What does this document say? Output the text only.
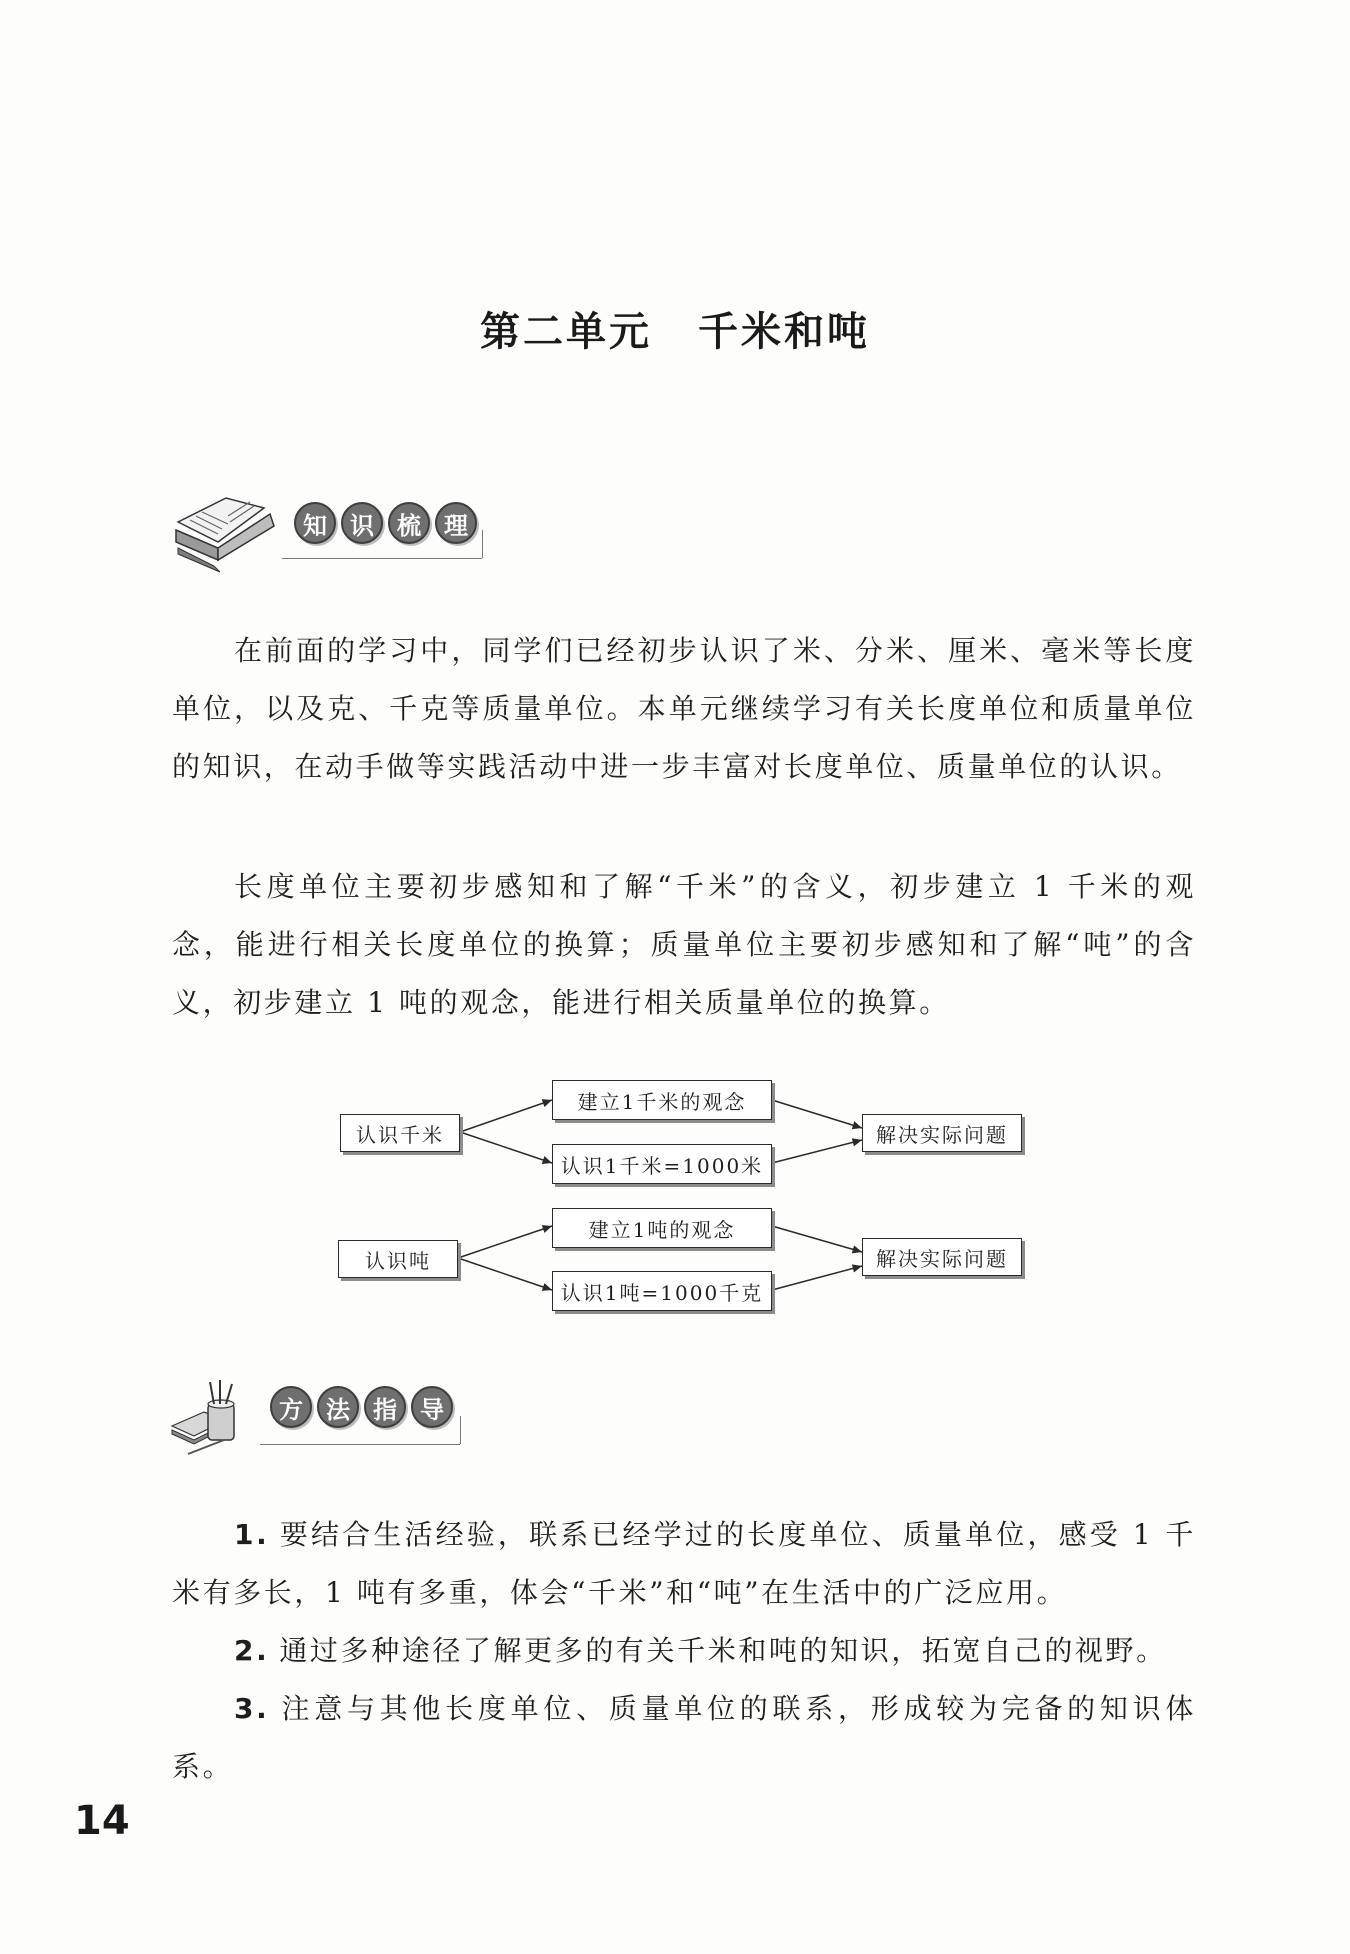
第二单元 千米和吨
知 识 梳 理

在前面的学习中，同学们已经初步认识了米、分米、厘米、毫米等长度单位，以及克、千克等质量单位。本单元继续学习有关长度单位和质量单位的知识，在动手做等实践活动中进一步丰富对长度单位、质量单位的认识。

长度单位主要初步感知和了解“千米”的含义，初步建立 1 千米的观念，能进行相关长度单位的换算；质量单位主要初步感知和了解“吨”的含义，初步建立 1 吨的观念，能进行相关质量单位的换算。

认识千米
建立1千米的观念
认识1千米=1000米
解决实际问题
认识吨
建立1吨的观念
认识1吨=1000千克
解决实际问题
方 法 指 导

1. 要结合生活经验，联系已经学过的长度单位、质量单位，感受 1 千米有多长，1 吨有多重，体会“千米”和“吨”在生活中的广泛应用。

2. 通过多种途径了解更多的有关千米和吨的知识，拓宽自己的视野。

3. 注意与其他长度单位、质量单位的联系，形成较为完备的知识体系。

14
